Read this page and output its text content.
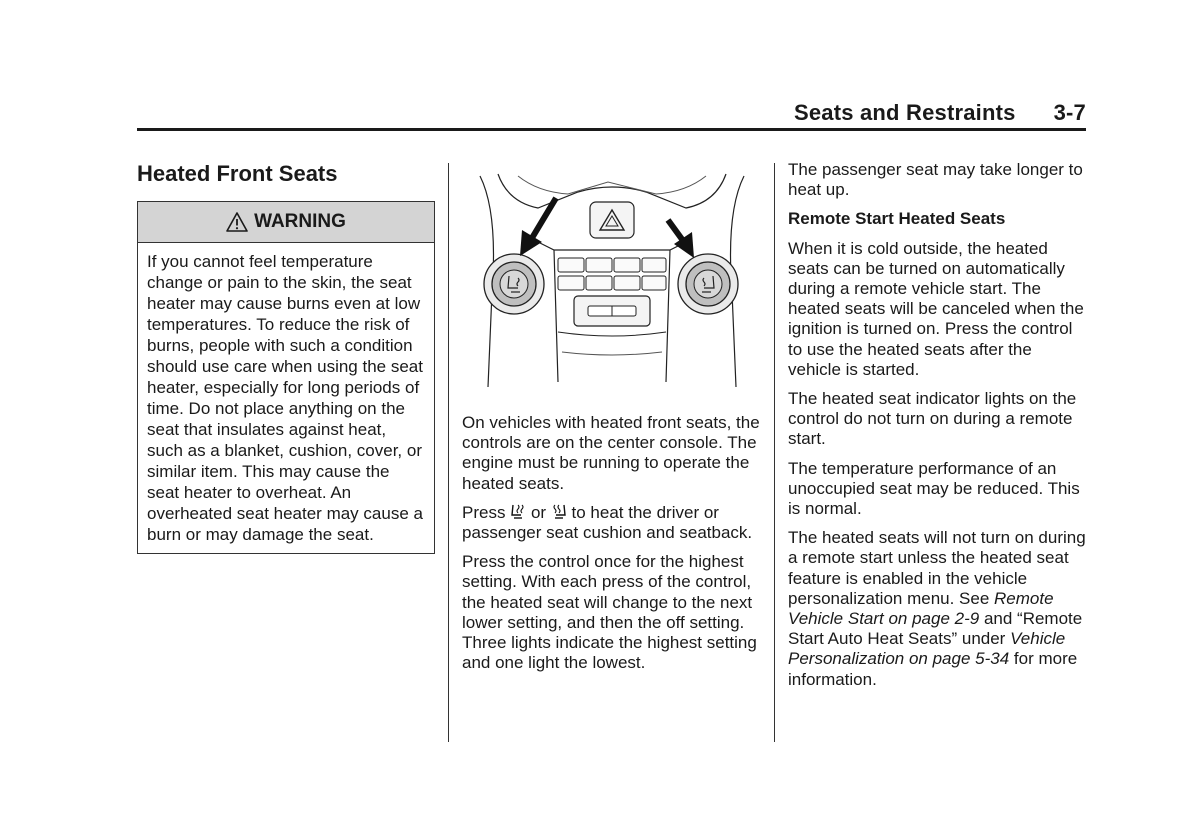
Seats and Restraints 3-7
Heated Front Seats
WARNING
If you cannot feel temperature change or pain to the skin, the seat heater may cause burns even at low temperatures. To reduce the risk of burns, people with such a condition should use care when using the seat heater, especially for long periods of time. Do not place anything on the seat that insulates against heat, such as a blanket, cushion, cover, or similar item. This may cause the seat heater to overheat. An overheated seat heater may cause a burn or may damage the seat.

On vehicles with heated front seats, the controls are on the center console. The engine must be running to operate the heated seats.

Press or to heat the driver or passenger seat cushion and seatback.

Press the control once for the highest setting. With each press of the control, the heated seat will change to the next lower setting, and then the off setting. Three lights indicate the highest setting and one light the lowest.

The passenger seat may take longer to heat up.

Remote Start Heated Seats

When it is cold outside, the heated seats can be turned on automatically during a remote vehicle start. The heated seats will be canceled when the ignition is turned on. Press the control to use the heated seats after the vehicle is started.

The heated seat indicator lights on the control do not turn on during a remote start.

The temperature performance of an unoccupied seat may be reduced. This is normal.

The heated seats will not turn on during a remote start unless the heated seat feature is enabled in the vehicle personalization menu. See Remote Vehicle Start on page 2-9 and “Remote Start Auto Heat Seats” under Vehicle Personalization on page 5-34 for more information.
